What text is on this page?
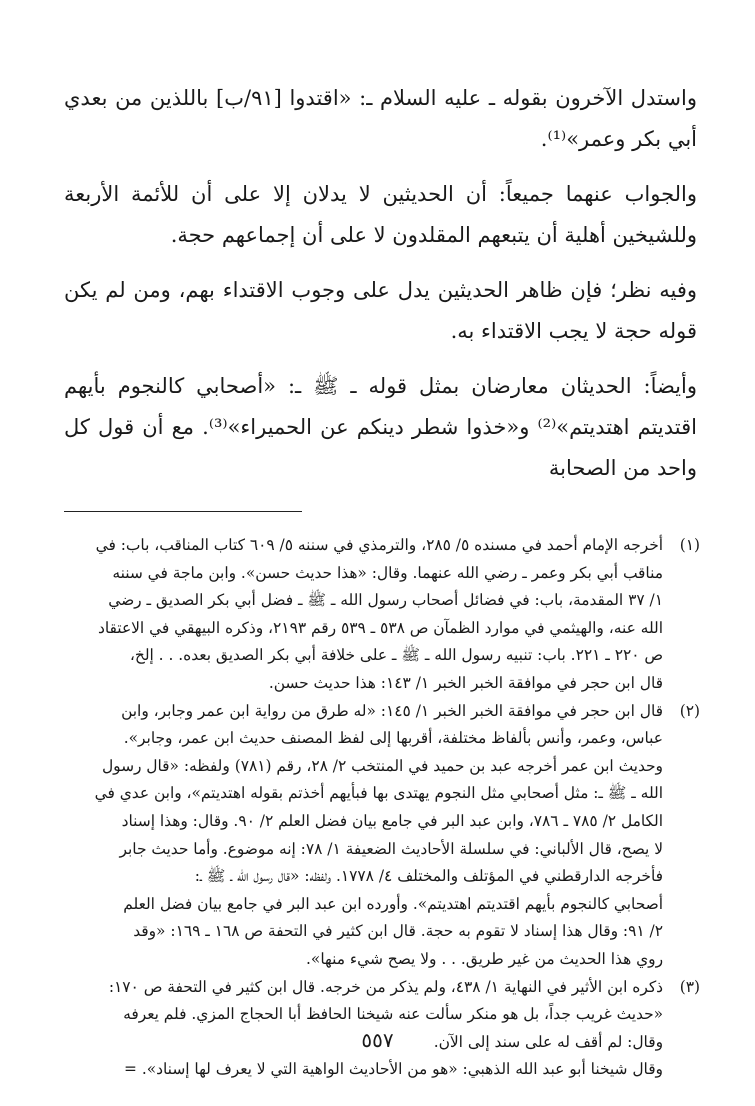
واستدل الآخرون بقوله ـ عليه السلام ـ: «اقتدوا [٩١/ب] باللذين من بعدي أبي بكر وعمر»⁽¹⁾.

والجواب عنهما جميعاً: أن الحديثين لا يدلان إلا على أن للأئمة الأربعة وللشيخين أهلية أن يتبعهم المقلدون لا على أن إجماعهم حجة.

وفيه نظر؛ فإن ظاهر الحديثين يدل على وجوب الاقتداء بهم، ومن لم يكن قوله حجة لا يجب الاقتداء به.

وأيضاً: الحديثان معارضان بمثل قوله ـ ﷺ ـ: «أصحابي كالنجوم بأيهم اقتديتم اهتديتم»⁽²⁾ و«خذوا شطر دينكم عن الحميراء»⁽³⁾. مع أن قول كل واحد من الصحابة

(١)
أخرجه الإمام أحمد في مسنده ٥/ ٢٨٥، والترمذي في سننه ٥/ ٦٠٩ كتاب المناقب، باب: في
مناقب أبي بكر وعمر ـ رضي الله عنهما. وقال: «هذا حديث حسن». وابن ماجة في سننه
١/ ٣٧ المقدمة، باب: في فضائل أصحاب رسول الله ـ ﷺ ـ فضل أبي بكر الصديق ـ رضي
الله عنه، والهيثمي في موارد الظمآن ص ٥٣٨ ـ ٥٣٩ رقم ٢١٩٣، وذكره البيهقي في الاعتقاد
ص ٢٢٠ ـ ٢٢١. باب: تنبيه رسول الله ـ ﷺ ـ على خلافة أبي بكر الصديق بعده. . . إلخ،
قال ابن حجر في موافقة الخبر الخبر ١/ ١٤٣: هذا حديث حسن.
(٢)
قال ابن حجر في موافقة الخبر الخبر ١/ ١٤٥: «له طرق من رواية ابن عمر وجابر، وابن
عباس، وعمر، وأنس بألفاظ مختلفة، أقربها إلى لفظ المصنف حديث ابن عمر، وجابر».
وحديث ابن عمر أخرجه عبد بن حميد في المنتخب ٢/ ٢٨، رقم (٧٨١) ولفظه: «قال رسول
الله ـ ﷺ ـ: مثل أصحابي مثل النجوم يهتدى بها فبأيهم أخذتم بقوله اهتديتم»، وابن عدي في
الكامل ٢/ ٧٨٥ ـ ٧٨٦، وابن عبد البر في جامع بيان فضل العلم ٢/ ٩٠. وقال: وهذا إسناد
لا يصح، قال الألباني: في سلسلة الأحاديث الضعيفة ١/ ٧٨: إنه موضوع. وأما حديث جابر
فأخرجه الدارقطني في المؤتلف والمختلف ٤/ ١٧٧٨. ولفظه: «قال رسول الله ـ ﷺ ـ:
أصحابي كالنجوم بأيهم اقتديتم اهتديتم». وأورده ابن عبد البر في جامع بيان فضل العلم
٢/ ٩١: وقال هذا إسناد لا تقوم به حجة. قال ابن كثير في التحفة ص ١٦٨ ـ ١٦٩: «وقد
روي هذا الحديث من غير طريق. . . ولا يصح شيء منها».
(٣)
ذكره ابن الأثير في النهاية ١/ ٤٣٨، ولم يذكر من خرجه. قال ابن كثير في التحفة ص ١٧٠:
«حديث غريب جداً، بل هو منكر سألت عنه شيخنا الحافظ أبا الحجاج المزي. فلم يعرفه
وقال: لم أقف له على سند إلى الآن.
وقال شيخنا أبو عبد الله الذهبي: «هو من الأحاديث الواهية التي لا يعرف لها إسناد». =
٥٥٧
